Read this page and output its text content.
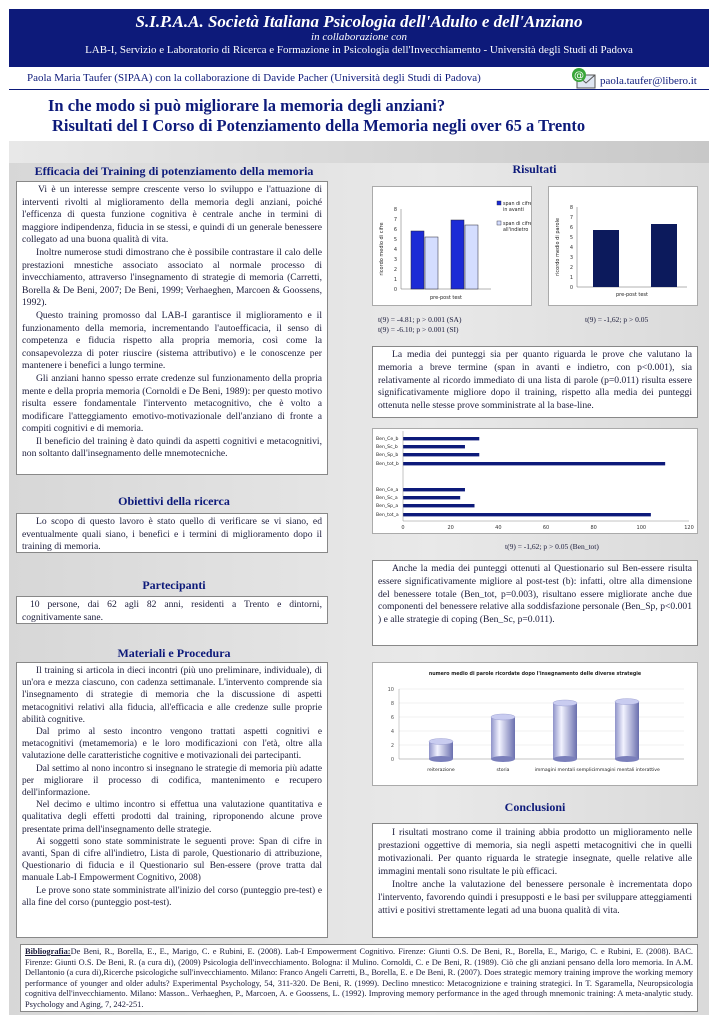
S.I.P.A.A. Società Italiana Psicologia dell'Adulto e dell'Anziano
in collaborazione con
LAB-I, Servizio e Laboratorio di Ricerca e Formazione in Psicologia dell'Invecchiamento - Università degli Studi di Padova
Paola Maria Taufer (SIPAA) con la collaborazione di Davide Pacher (Università degli Studi di Padova)	@ paola.taufer@libero.it
In che modo si può migliorare la memoria degli anziani?
Risultati del I Corso di Potenziamento della Memoria negli over 65 a Trento
Efficacia dei Training di potenziamento della memoria

Vi è un interesse sempre crescente verso lo sviluppo e l'attuazione di interventi rivolti al miglioramento della memoria degli anziani, poiché l'efficenza di questa funzione cognitiva è centrale anche in termini di maggiore indipendenza, fiducia in se stessi, e quindi di un generale benessere collegato ad una buona qualità di vita.

Inoltre numerose studi dimostrano che è possibile contrastare il calo delle prestazioni mnestiche associato associato al normale processo di invecchiamento, attraverso l'insegnamento di strategie di memoria (Carretti, Borella & De Beni, 2007; De Beni, 1999; Verhaeghen, Marcoen & Goossens, 1992).

Questo training promosso dal LAB-I garantisce il miglioramento e il funzionamento della memoria, incrementando l'autoefficacia, il senso di competenza e fiducia rispetto alla propria memoria, così come la consapevolezza di poter riuscire (sistema attributivo) e le conoscenze per mantenere i benefici a lungo termine.

Gli anziani hanno spesso errate credenze sul funzionamento della propria mente e della propria memoria (Cornoldi e De Beni, 1989): per questo motivo risulta essere fondamentale l'intervento metacognitivo, che è volto a modificare l'atteggiamento emotivo-motivazionale dell'anziano di fronte a compiti cognitivi e di memoria.

Il beneficio del training è dato quindi da aspetti cognitivi e metacognitivi, non soltanto dall'insegnamento delle mnemotecniche.

Obiettivi della ricerca

Lo scopo di questo lavoro è stato quello di verificare se vi siano, ed eventualmente quali siano, i benefici e i termini di miglioramento dopo il training di memoria.

Partecipanti

10 persone, dai 62 agli 82 anni, residenti a Trento e dintorni, cognitivamente sane.

Materiali e Procedura

Il training si articola in dieci incontri (più uno preliminare, individuale), di un'ora e mezza ciascuno, con cadenza settimanale. L'intervento comprende sia l'insegnamento di strategie di memoria che la discussione di aspetti metacognitivi relativi alla fiducia, all'efficacia e alle credenze sulle proprie abilità cognitive.

Dal primo al sesto incontro vengono trattati aspetti cognitivi e metacognitivi (metamemoria) e le loro modificazioni con l'età, oltre alla valutazione delle caratteristiche cognitive e motivazionali dei partecipanti.

Dal settimo al nono incontro si insegnano le strategie di memoria più adatte per migliorare il processo di codifica, mantenimento e recupero dell'informazione.

Nel decimo e ultimo incontro si effettua una valutazione quantitativa e qualitativa degli effetti prodotti dal training, riproponendo alcune prove presentate prima dell'insegnamento delle strategie.

Ai soggetti sono state somministrate le seguenti prove: Span di cifre in avanti, Span di cifre all'indietro, Lista di parole, Questionario di attribuzione, Questionario di fiducia e il Questionario sul Ben-essere (prove tratta dal manuale Lab-I Empowerment Cognitivo, 2008)

Le prove sono state somministrate all'inizio del corso (punteggio pre-test) e alla fine del corso (punteggio post-test).

Risultati
0
1
2
3
4
5
6
7
8
pre-post test
ricordo medio di cifre
span di cifre
in avanti
span di cifre
all'indietro
0
1
2
3
4
5
6
7
8
pre-post test
ricordo medio di parole
t(9) = -4.81; p > 0.001 (SA)
t(9) = -6.10; p > 0.001 (SI)
t(9) = -1,62; p > 0.05

La media dei punteggi sia per quanto riguarda le prove che valutano la memoria a breve termine (span in avanti e indietro, con p<0.001), sia relativamente al ricordo immediato di una lista di parole (p=0.011) risulta essere significativamente migliore dopo il training, rispetto alla media dei punteggi ottenuta nelle stesse prove somministrate al la base-line.

Ben_Ce_b
Ben_Sc_b
Ben_Sp_b
Ben_tot_b
Ben_Ce_a
Ben_Sc_a
Ben_Sp_a
Ben_tot_a
0	20	40	60	80	100	120
t(9) = -1,62; p > 0.05 (Ben_tot)

Anche la media dei punteggi ottenuti al Questionario sul Ben-essere risulta essere significativamente migliore al post-test (b): infatti, oltre alla dimensione del benessere totale (Ben_tot, p=0.003), risultano essere migliorate anche due componenti del benessere relative alla soddisfazione personale (Ben_Sp, p<0.001 ) e alle strategie di coping (Ben_Sc, p=0.011).

numero medio di parole ricordate dopo l'insegnamento delle diverse strategie
0
2
4
6
8
10
reiterazione	storia	immagini mentali semplici
immagini mentali interattive
Conclusioni

I risultati mostrano come il training abbia prodotto un miglioramento nelle prestazioni oggettive di memoria, sia negli aspetti metacognitivi che in quelli motivazionali. Per quanto riguarda le strategie insegnate, quelle relative alle immagini mentali sono risultate le più efficaci.

Inoltre anche la valutazione del benessere personale è incrementata dopo l'intervento, favorendo quindi i presupposti e le basi per sviluppare atteggiamenti attivi e positivi strettamente legati ad una buona qualità di vita.

Bibliografia:De Beni, R., Borella, E., E., Marigo, C. e Rubini, E. (2008). Lab-I Empowerment Cognitivo. Firenze: Giunti O.S. De Beni, R., Borella, E., Marigo, C. e Rubini, E. (2008). BAC. Firenze: Giunti O.S. De Beni, R. (a cura di), (2009) Psicologia dell'invecchiamento. Bologna: il Mulino. Cornoldi, C. e De Beni, R. (1989). Ciò che gli anziani pensano della loro memoria. In A.M. Dellantonio (a cura di),Ricerche psicologiche sull'invecchiamento. Milano: Franco Angeli Carretti, B., Borella, E. e De Beni, R. (2007). Does strategic memory training improve the working memory performance of younger and older adults? Experimental Psychology, 54, 311-320. De Beni, R. (1999). Declino mnestico: Metacognizione e training strategici. In T. Sgaramella, Neuropsicologia cognitiva dell'invecchiamento. Milano: Masson.. Verhaeghen, P., Marcoen, A. e Goossens, L. (1992). Improving memory performance in the aged through mnemonic training: A meta-analytic study. Psychology and Aging, 7, 242-251.
